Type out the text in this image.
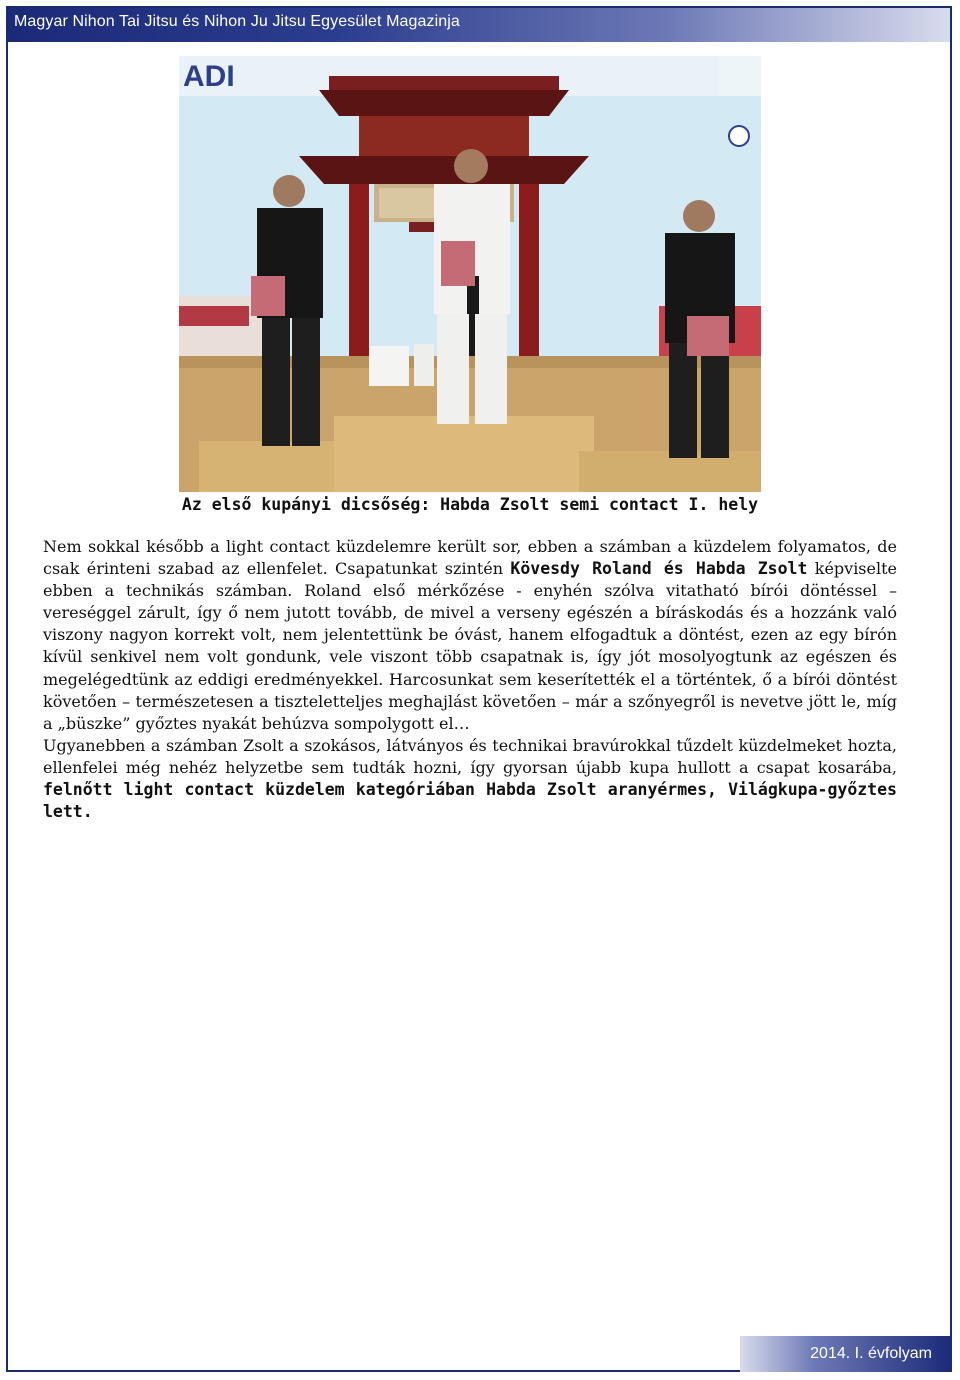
Magyar Nihon Tai Jitsu és Nihon Ju Jitsu Egyesület Magazinja
ADI
Az első kupányi dicsőség: Habda Zsolt semi contact I. hely

Nem sokkal később a light contact küzdelemre került sor, ebben a számban a küzdelem folyamatos, de csak érinteni szabad az ellenfelet. Csapatunkat szintén Kövesdy Roland és Habda Zsolt képviselte ebben a technikás számban. Roland első mérkőzése - enyhén szólva vitatható bírói döntéssel – vereséggel zárult, így ő nem jutott tovább, de mivel a verseny egészén a bíráskodás és a hozzánk való viszony nagyon korrekt volt, nem jelentettünk be óvást, hanem elfogadtuk a döntést, ezen az egy bírón kívül senkivel nem volt gondunk, vele viszont több csapatnak is, így jót mosolyogtunk az egészen és megelégedtünk az eddigi eredményekkel. Harcosunkat sem keserítették el a történtek, ő a bírói döntést követően – természetesen a tiszteletteljes meghajlást követően – már a szőnyegről is nevetve jött le, míg a „büszke” győztes nyakát behúzva sompolygott el…

Ugyanebben a számban Zsolt a szokásos, látványos és technikai bravúrokkal tűzdelt küzdelmeket hozta, ellenfelei még nehéz helyzetbe sem tudták hozni, így gyorsan újabb kupa hullott a csapat kosarába, felnőtt light contact küzdelem kategóriában Habda Zsolt aranyérmes, Világkupa-győztes lett.

2014. I. évfolyam
